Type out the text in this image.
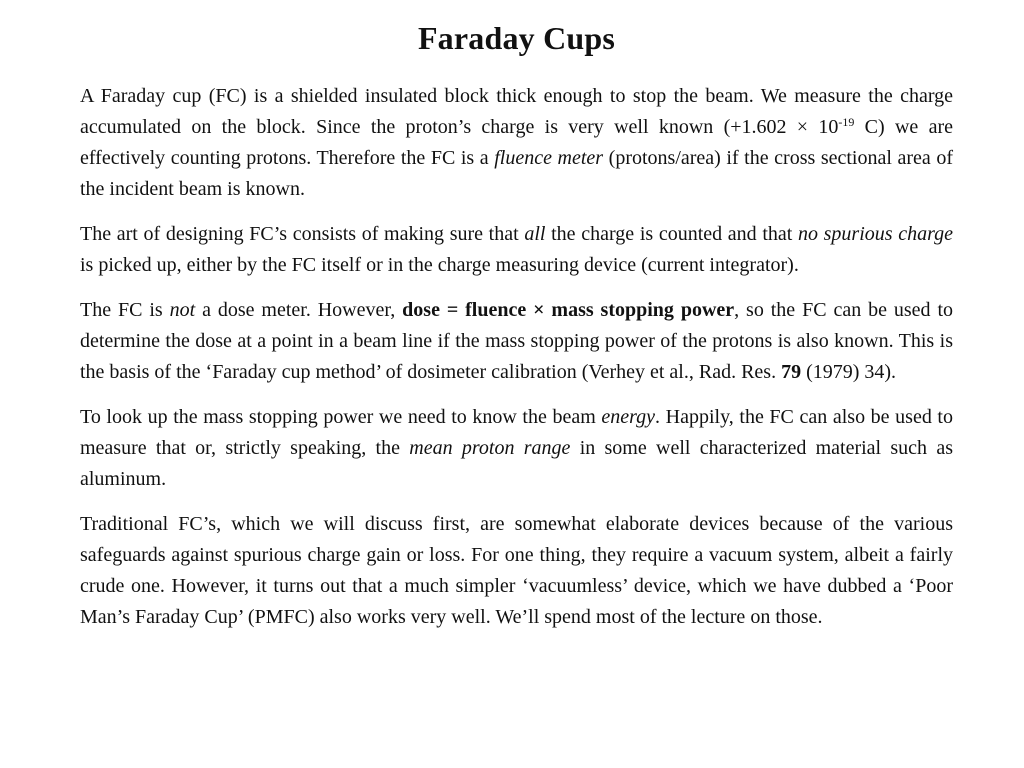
Faraday Cups

A Faraday cup (FC) is a shielded insulated block thick enough to stop the beam. We measure the charge accumulated on the block. Since the proton’s charge is very well known ($+1.602 \times 10^{-19}$ C) we are effectively counting protons. Therefore the FC is a fluence meter (protons/area) if the cross sectional area of the incident beam is known.

The art of designing FC’s consists of making sure that all the charge is counted and that no spurious charge is picked up, either by the FC itself or in the charge measuring device (current integrator).

The FC is not a dose meter. However, dose = fluence × mass stopping power, so the FC can be used to determine the dose at a point in a beam line if the mass stopping power of the protons is also known. This is the basis of the ‘Faraday cup method’ of dosimeter calibration (Verhey et al., Rad. Res. 79 (1979) 34).

To look up the mass stopping power we need to know the beam energy. Happily, the FC can also be used to measure that or, strictly speaking, the mean proton range in some well characterized material such as aluminum.

Traditional FC’s, which we will discuss first, are somewhat elaborate devices because of the various safeguards against spurious charge gain or loss. For one thing, they require a vacuum system, albeit a fairly crude one. However, it turns out that a much simpler ‘vacuumless’ device, which we have dubbed a ‘Poor Man’s Faraday Cup’ (PMFC) also works very well. We’ll spend most of the lecture on those.
